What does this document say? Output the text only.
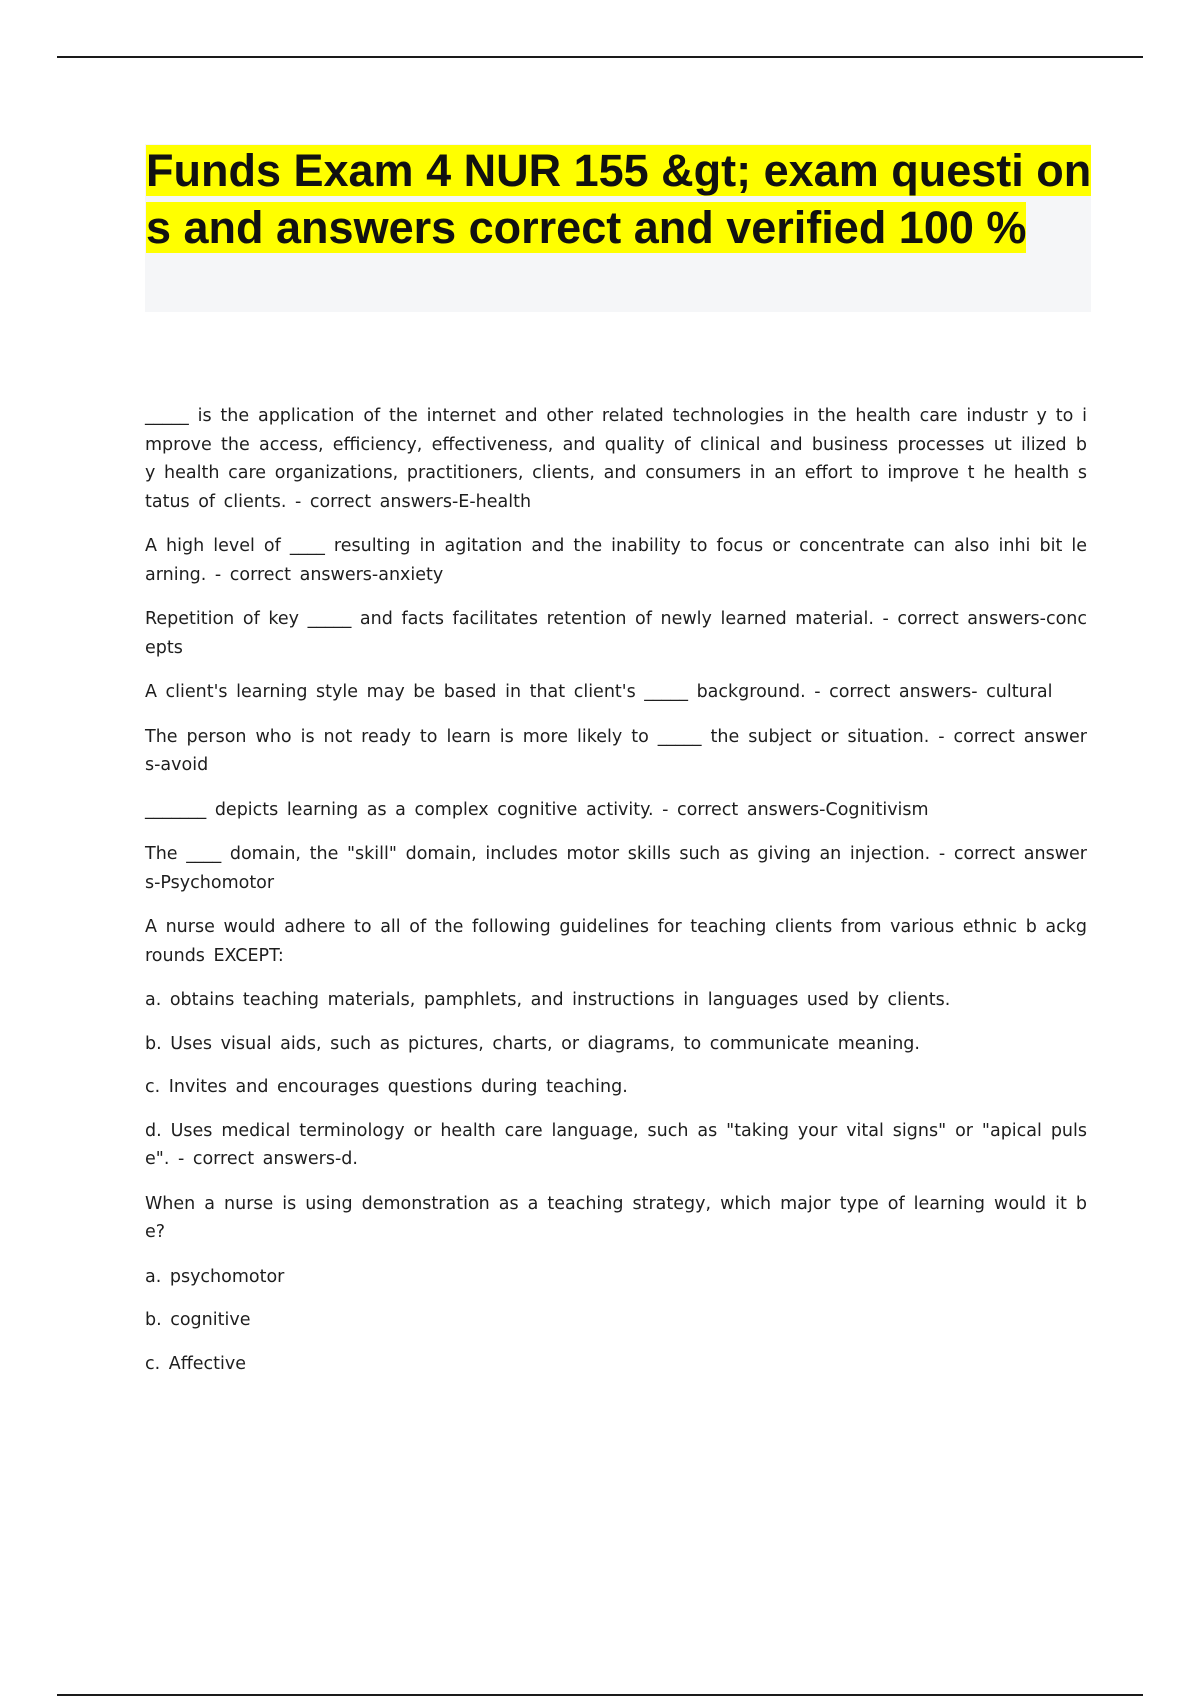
Funds Exam 4 NUR 155 &gt; exam questi ons and answers correct and verified 100 %

_____ is the application of the internet and other related technologies in the health care industr y to improve the access, efficiency, effectiveness, and quality of clinical and business processes ut ilized by health care organizations, practitioners, clients, and consumers in an effort to improve t he health status of clients. - correct answers-E-health

A high level of ____ resulting in agitation and the inability to focus or concentrate can also inhi bit learning. - correct answers-anxiety

Repetition of key _____ and facts facilitates retention of newly learned material. - correct answers-concepts

A client's learning style may be based in that client's _____ background. - correct answers- cultural

The person who is not ready to learn is more likely to _____ the subject or situation. - correct answers-avoid

_______ depicts learning as a complex cognitive activity. - correct answers-Cognitivism

The ____ domain, the "skill" domain, includes motor skills such as giving an injection. - correct answers-Psychomotor

A nurse would adhere to all of the following guidelines for teaching clients from various ethnic b ackgrounds EXCEPT:

a. obtains teaching materials, pamphlets, and instructions in languages used by clients.

b. Uses visual aids, such as pictures, charts, or diagrams, to communicate meaning.

c. Invites and encourages questions during teaching.

d. Uses medical terminology or health care language, such as "taking your vital signs" or "apical pulse". - correct answers-d.

When a nurse is using demonstration as a teaching strategy, which major type of learning would it be?

a. psychomotor

b. cognitive

c. Affective
